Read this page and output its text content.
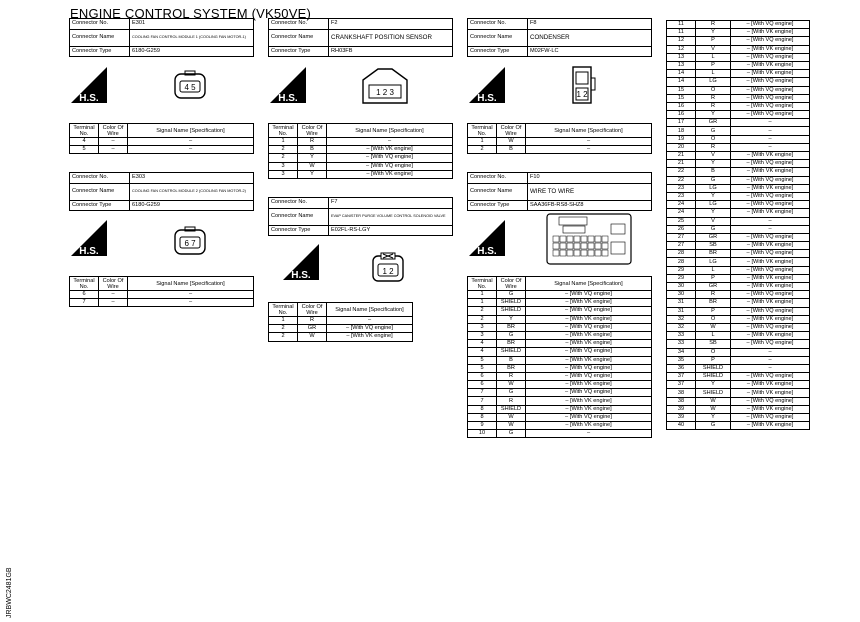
ENGINE CONTROL SYSTEM (VK50VE)
Connector No.	E301
Connector Name	COOLING FAN CONTROL MODULE 1 (COOLING FAN MOTOR-1)
Connector Type	6180-G259
H.S.
4 5
Terminal No.	Color Of Wire	Signal Name [Specification]
4	–	–
5	–	–
Connector No.	E303
Connector Name	COOLING FAN CONTROL MODULE 2 (COOLING FAN MOTOR-2)
Connector Type	6180-G259
H.S.
6 7
Terminal No.	Color Of Wire	Signal Name [Specification]
6	–	–
7	–	–
Connector No.	F2
Connector Name	CRANKSHAFT POSITION SENSOR
Connector Type	RH03FB
H.S.
1 2 3
Terminal No.	Color Of Wire	Signal Name [Specification]
1	R	–
2	B	– [With VK engine]
2	Y	– [With VQ engine]
3	W	– [With VQ engine]
3	Y	– [With VK engine]
Connector No.	F7
Connector Name	EVAP CANISTER PURGE VOLUME CONTROL SOLENOID VALVE
Connector Type	E02FL-RS-LGY
H.S.	1 2
Terminal No.	Color Of Wire	Signal Name [Specification]
1	R	–
2	GR	– [With VQ engine]
2	W	– [With VK engine]
Connector No.	F8
Connector Name	CONDENSER
Connector Type	M02FW-LC
H.S.	1 2
Terminal No.	Color Of Wire	Signal Name [Specification]
1	W	–
2	B	–
Connector No.	F10
Connector Name	WIRE TO WIRE
Connector Type	SAA36FB-RS8-SHZ8
H.S.
Terminal No.	Color Of Wire	Signal Name [Specification]
1	G	– [With VQ engine]
1	SHIELD	– [With VK engine]
2	SHIELD	– [With VQ engine]
2	Y	– [With VK engine]
3	BR	– [With VQ engine]
3	G	– [With VK engine]
4	BR	– [With VK engine]
4	SHIELD	– [With VQ engine]
5	B	– [With VK engine]
5	BR	– [With VQ engine]
6	R	– [With VQ engine]
6	W	– [With VK engine]
7	G	– [With VQ engine]
7	R	– [With VK engine]
8	SHIELD	– [With VK engine]
8	W	– [With VQ engine]
9	W	– [With VK engine]
10	G	–
11	R	– [With VQ engine]
11	Y	– [With VK engine]
12	P	– [With VQ engine]
12	V	– [With VK engine]
13	L	– [With VQ engine]
13	P	– [With VK engine]
14	L	– [With VK engine]
14	LG	– [With VQ engine]
15	O	– [With VQ engine]
15	R	– [With VQ engine]
16	R	– [With VQ engine]
16	Y	– [With VQ engine]
17	GR	–
18	G	–
19	O	–
20	R	–
21	V	– [With VK engine]
21	Y	– [With VQ engine]
22	B	– [With VK engine]
22	G	– [With VQ engine]
23	LG	– [With VK engine]
23	Y	– [With VQ engine]
24	LG	– [With VQ engine]
24	Y	– [With VK engine]
25	V	–
26	G	–
27	GR	– [With VQ engine]
27	SB	– [With VK engine]
28	BR	– [With VQ engine]
28	LG	– [With VK engine]
29	L	– [With VQ engine]
29	P	– [With VK engine]
30	GR	– [With VK engine]
30	R	– [With VQ engine]
31	BR	– [With VK engine]
31	P	– [With VQ engine]
32	O	– [With VK engine]
32	W	– [With VQ engine]
33	L	– [With VK engine]
33	SB	– [With VQ engine]
34	O	–
35	P	–
36	SHIELD	–
37	SHIELD	– [With VQ engine]
37	Y	– [With VK engine]
38	SHIELD	– [With VK engine]
38	W	– [With VQ engine]
39	W	– [With VK engine]
39	Y	– [With VQ engine]
40	G	– [With VK engine]
JRBWC2481GB
